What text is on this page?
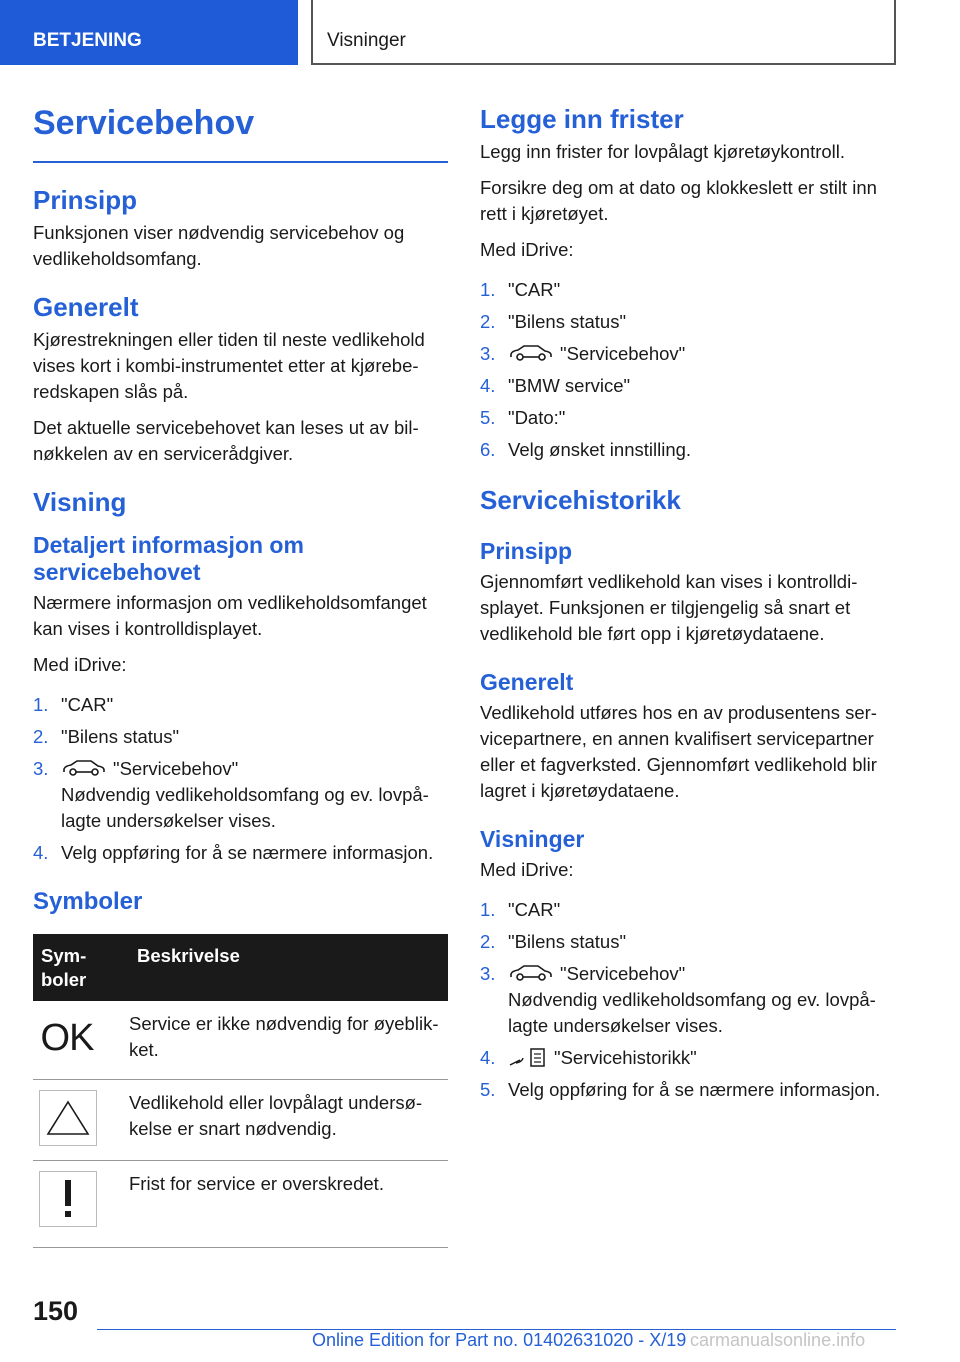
BETJENING	Visninger
Servicebehov
Prinsipp

Funksjonen viser nødvendig servicebehov og vedlikeholdsomfang.

Generelt

Kjørestrekningen eller tiden til neste vedlikehold vises kort i kombi-instrumentet etter at kjørebe-redskapen slås på.

Det aktuelle servicebehovet kan leses ut av bil-nøkkelen av en servicerådgiver.

Visning
Detaljert informasjon om servicebehovet

Nærmere informasjon om vedlikeholdsomfanget kan vises i kontrolldisplayet.

Med iDrive:

1. "CAR"
2. "Bilens status"
3.	"Servicebehov"
Nødvendig vedlikeholdsomfang og ev. lovpå-lagte undersøkelser vises.
4. Velg oppføring for å se nærmere informasjon.
Symboler
Sym-boler	Beskrivelse

OK	Service er ikke nødvendig for øyeblik-ket.

	Vedlikehold eller lovpålagt undersø-kelse er snart nødvendig.

	Frist for service er overskredet.
Legge inn frister

Legg inn frister for lovpålagt kjøretøykontroll.

Forsikre deg om at dato og klokkeslett er stilt inn rett i kjøretøyet.

Med iDrive:

1. "CAR"
2. "Bilens status"
3.	"Servicebehov"
4. "BMW service"
5. "Dato:"
6. Velg ønsket innstilling.
Servicehistorikk
Prinsipp

Gjennomført vedlikehold kan vises i kontrolldi-splayet. Funksjonen er tilgjengelig så snart et vedlikehold ble ført opp i kjøretøydataene.

Generelt

Vedlikehold utføres hos en av produsentens ser-vicepartnere, en annen kvalifisert servicepartner eller et fagverksted. Gjennomført vedlikehold blir lagret i kjøretøydataene.

Visninger

Med iDrive:

1. "CAR"
2. "Bilens status"
3.	"Servicebehov"
Nødvendig vedlikeholdsomfang og ev. lovpå-lagte undersøkelser vises.
4.	"Servicehistorikk"
5. Velg oppføring for å se nærmere informasjon.
150
Online Edition for Part no. 01402631020 - X/19 carmanualsonline.info
